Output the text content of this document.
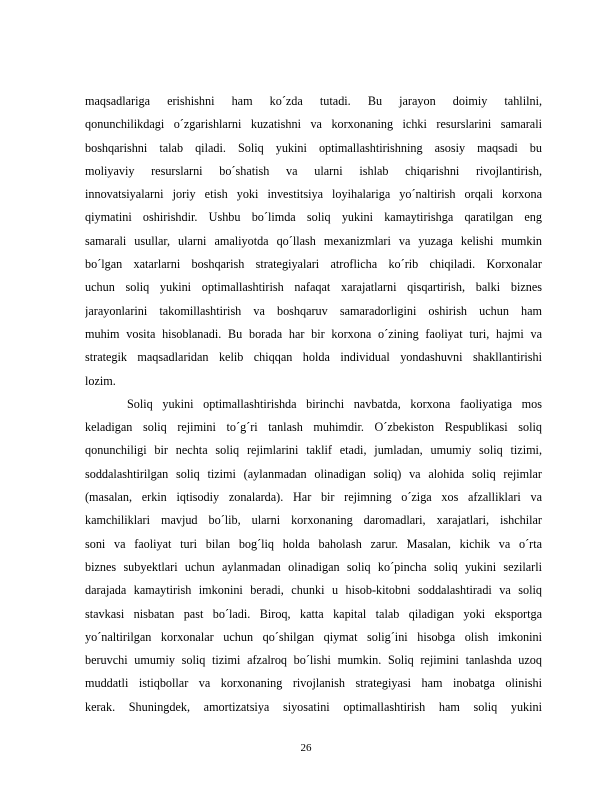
maqsadlariga erishishni ham ko´zda tutadi. Bu jarayon doimiy tahlilni,
qonunchilikdagi o´zgarishlarni kuzatishni va korxonaning ichki resurslarini samarali
boshqarishni talab qiladi. Soliq yukini optimallashtirishning asosiy maqsadi bu
moliyaviy resurslarni bo´shatish va ularni ishlab chiqarishni rivojlantirish,
innovatsiyalarni joriy etish yoki investitsiya loyihalariga yo´naltirish orqali korxona
qiymatini oshirishdir. Ushbu bo´limda soliq yukini kamaytirishga qaratilgan eng
samarali usullar, ularni amaliyotda qo´llash mexanizmlari va yuzaga kelishi mumkin
bo´lgan xatarlarni boshqarish strategiyalari atroflicha ko´rib chiqiladi. Korxonalar
uchun soliq yukini optimallashtirish nafaqat xarajatlarni qisqartirish, balki biznes
jarayonlarini takomillashtirish va boshqaruv samaradorligini oshirish uchun ham
muhim vosita hisoblanadi. Bu borada har bir korxona o´zining faoliyat turi, hajmi va
strategik maqsadlaridan kelib chiqqan holda individual yondashuvni shakllantirishi
lozim.
Soliq yukini optimallashtirishda birinchi navbatda, korxona faoliyatiga mos
keladigan soliq rejimini to´g´ri tanlash muhimdir. O´zbekiston Respublikasi soliq
qonunchiligi bir nechta soliq rejimlarini taklif etadi, jumladan, umumiy soliq tizimi,
soddalashtirilgan soliq tizimi (aylanmadan olinadigan soliq) va alohida soliq rejimlar
(masalan, erkin iqtisodiy zonalarda). Har bir rejimning o´ziga xos afzalliklari va
kamchiliklari mavjud bo´lib, ularni korxonaning daromadlari, xarajatlari, ishchilar
soni va faoliyat turi bilan bog´liq holda baholash zarur. Masalan, kichik va o´rta
biznes subyektlari uchun aylanmadan olinadigan soliq ko´pincha soliq yukini sezilarli
darajada kamaytirish imkonini beradi, chunki u hisob-kitobni soddalashtiradi va soliq
stavkasi nisbatan past bo´ladi. Biroq, katta kapital talab qiladigan yoki eksportga
yo´naltirilgan korxonalar uchun qo´shilgan qiymat solig´ini hisobga olish imkonini
beruvchi umumiy soliq tizimi afzalroq bo´lishi mumkin. Soliq rejimini tanlashda uzoq
muddatli istiqbollar va korxonaning rivojlanish strategiyasi ham inobatga olinishi
kerak. Shuningdek, amortizatsiya siyosatini optimallashtirish ham soliq yukini
26
